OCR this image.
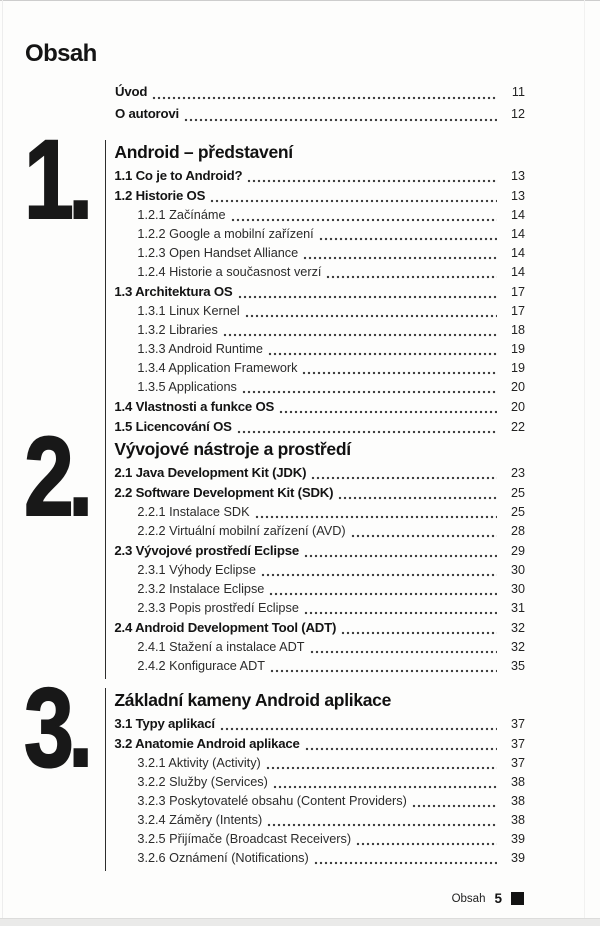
Obsah
Úvod	11
O autorovi	12
1. Android – představení
1.1 Co je to Android?	13
1.2 Historie OS	13
1.2.1 Začínáme	14
1.2.2 Google a mobilní zařízení	14
1.2.3 Open Handset Alliance	14
1.2.4 Historie a současnost verzí	14
1.3 Architektura OS	17
1.3.1 Linux Kernel	17
1.3.2 Libraries	18
1.3.3 Android Runtime	19
1.3.4 Application Framework	19
1.3.5 Applications	20
1.4 Vlastnosti a funkce OS	20
1.5 Licencování OS	22
2. Vývojové nástroje a prostředí
2.1 Java Development Kit (JDK)	23
2.2 Software Development Kit (SDK)	25
2.2.1 Instalace SDK	25
2.2.2 Virtuální mobilní zařízení (AVD)	28
2.3 Vývojové prostředí Eclipse	29
2.3.1 Výhody Eclipse	30
2.3.2 Instalace Eclipse	30
2.3.3 Popis prostředí Eclipse	31
2.4 Android Development Tool (ADT)	32
2.4.1 Stažení a instalace ADT	32
2.4.2 Konfigurace ADT	35
3. Základní kameny Android aplikace
3.1 Typy aplikací	37
3.2 Anatomie Android aplikace	37
3.2.1 Aktivity (Activity)	37
3.2.2 Služby (Services)	38
3.2.3 Poskytovatelé obsahu (Content Providers)	38
3.2.4 Záměry (Intents)	38
3.2.5 Přijímače (Broadcast Receivers)	39
3.2.6 Oznámení (Notifications)	39
Obsah 5
